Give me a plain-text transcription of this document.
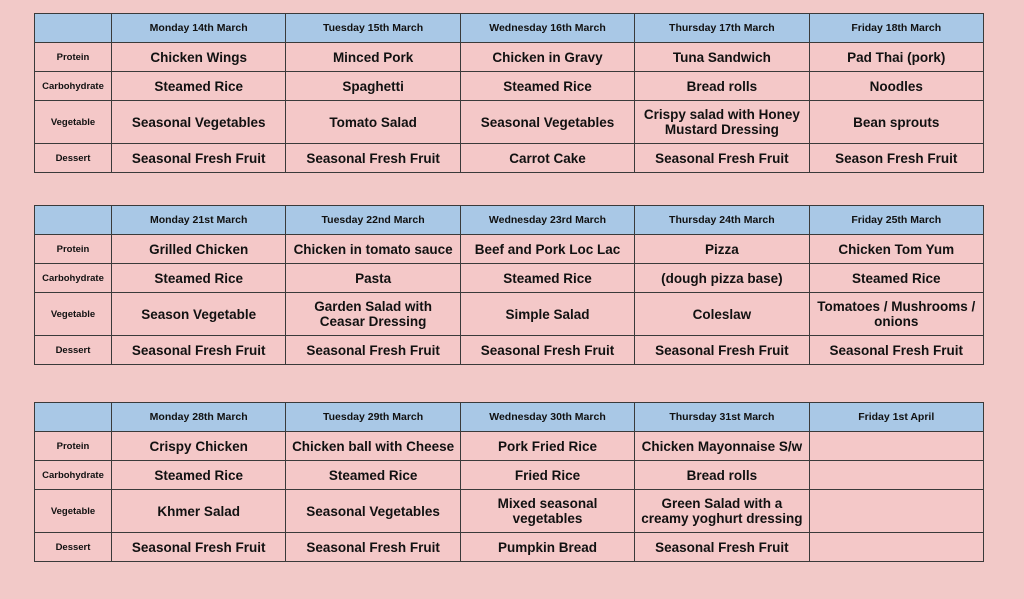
	Monday 14th March	Tuesday 15th March	Wednesday 16th March	Thursday 17th March	Friday 18th March
Protein	Chicken Wings	Minced Pork	Chicken in Gravy	Tuna Sandwich	Pad Thai (pork)
Carbohydrate	Steamed Rice	Spaghetti	Steamed Rice	Bread rolls	Noodles
Vegetable	Seasonal Vegetables	Tomato Salad	Seasonal Vegetables	Crispy salad with Honey Mustard Dressing	Bean sprouts
Dessert	Seasonal Fresh Fruit	Seasonal Fresh Fruit	Carrot Cake	Seasonal Fresh Fruit	Season Fresh Fruit
	Monday 21st March	Tuesday 22nd March	Wednesday 23rd March	Thursday 24th March	Friday 25th March
Protein	Grilled Chicken	Chicken in tomato sauce	Beef and Pork Loc Lac	Pizza	Chicken Tom Yum
Carbohydrate	Steamed Rice	Pasta	Steamed Rice	(dough pizza base)	Steamed Rice
Vegetable	Season Vegetable	Garden Salad with Ceasar Dressing	Simple Salad	Coleslaw	Tomatoes / Mushrooms / onions
Dessert	Seasonal Fresh Fruit	Seasonal Fresh Fruit	Seasonal Fresh Fruit	Seasonal Fresh Fruit	Seasonal Fresh Fruit
	Monday 28th March	Tuesday 29th March	Wednesday 30th March	Thursday 31st March	Friday 1st April
Protein	Crispy Chicken	Chicken ball with Cheese	Pork Fried Rice	Chicken Mayonnaise S/w	
Carbohydrate	Steamed Rice	Steamed Rice	Fried Rice	Bread rolls	
Vegetable	Khmer Salad	Seasonal Vegetables	Mixed seasonal vegetables	Green Salad with a creamy yoghurt dressing	
Dessert	Seasonal Fresh Fruit	Seasonal Fresh Fruit	Pumpkin Bread	Seasonal Fresh Fruit	
